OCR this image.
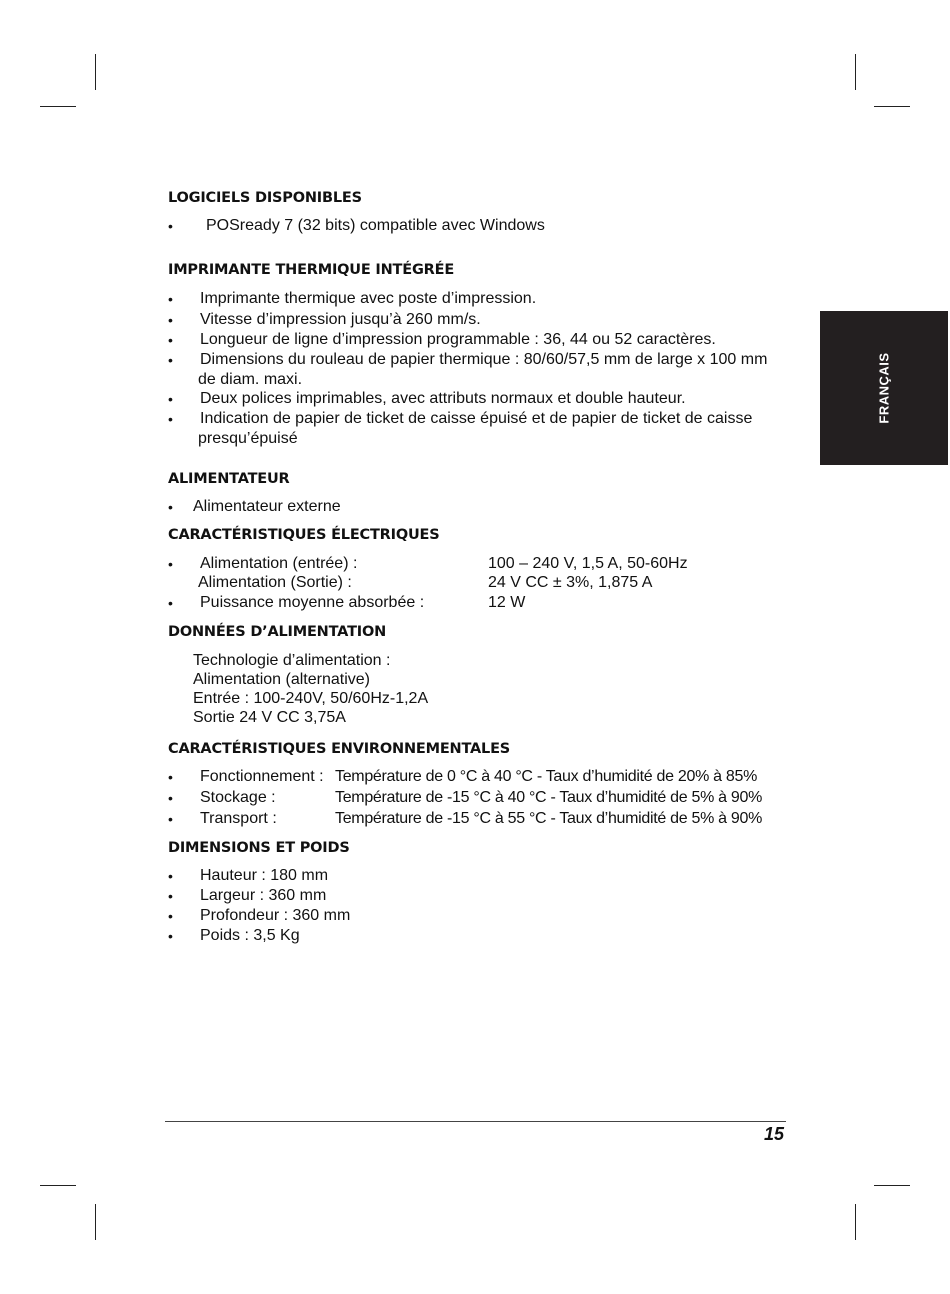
FRANÇAIS
LOGICIELS DISPONIBLES
• POSready 7 (32 bits) compatible avec Windows
IMPRIMANTE THERMIQUE INTÉGRÉE
• Imprimante thermique avec poste d’impression.
• Vitesse d’impression jusqu’à 260 mm/s.
• Longueur de ligne d’impression programmable : 36, 44 ou 52 caractères.
• Dimensions du rouleau de papier thermique : 80/60/57,5 mm de large x 100 mm
de diam. maxi.
• Deux polices imprimables, avec attributs normaux et double hauteur.
• Indication de papier de ticket de caisse épuisé et de papier de ticket de caisse
presqu’épuisé
ALIMENTATEUR
• Alimentateur externe
CARACTÉRISTIQUES ÉLECTRIQUES
• Alimentation (entrée) :	100 – 240 V, 1,5 A, 50-60Hz
Alimentation (Sortie) :	24 V CC ± 3%, 1,875 A
• Puissance moyenne absorbée :	12 W
DONNÉES D’ALIMENTATION
Technologie d’alimentation :
Alimentation (alternative)
Entrée : 100-240V, 50/60Hz-1,2A
Sortie 24 V CC 3,75A
CARACTÉRISTIQUES ENVIRONNEMENTALES
• Fonctionnement : Température de 0 °C à 40 °C - Taux d’humidité de 20% à 85%
• Stockage :	Température de -15 °C à 40 °C - Taux d’humidité de 5% à 90%
• Transport :	Température de -15 °C à 55 °C - Taux d’humidité de 5% à 90%
DIMENSIONS ET POIDS
• Hauteur : 180 mm
• Largeur : 360 mm
• Profondeur : 360 mm
• Poids : 3,5 Kg
15
